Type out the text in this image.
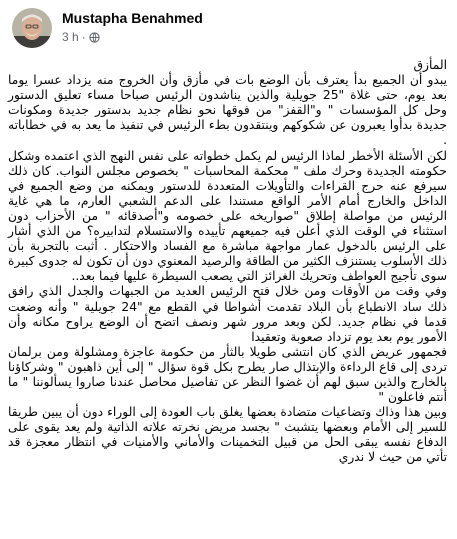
Mustapha Benahmed
3 h ·

المأزق

يبدو أن الجميع بدأ يعترف بأن الوضع بات في مأزق وأن الخروج منه يزداد عسرا يوما بعد يوم، حتى غلاة "25 جويلية والذين يناشدون الرئيس صباحا مساء تعليق الدستور وحل كل المؤسسات " و"القفز" من فوقها نحو نظام جديد بدستور جديدة ومكونات جديدة بدأوا يعبرون عن شكوكهم وينتقدون بطء الرئيس في تنفيذ ما يعد به في خطاباته .

لكن الأسئلة الأخطر لماذا الرئيس لم يكمل خطواته على نفس النهج الذي اعتمده وشكل حكومته الجديدة وحرك ملف " محكمة المحاسبات " بخصوص مجلس النواب. كان ذلك سيرفع عنه حرج القراءات والتأويلات المتعددة للدستور ويمكنه من وضع الجميع في الداخل والخارج أمام الأمر الواقع مستندا على الدعم الشعبي العارم، ما هي غاية الرئيس من مواصلة إطلاق "صواريخه على خصومه و"أصدقائه " من الأحزاب دون استثناء في الوقت الذي أعلن فيه جميعهم تأييده والاستسلام لتدابيره؟ من الذي أشار على الرئيس بالدخول عمار مواجهة مباشرة مع الفساد والاحتكار . أثبت بالتجربة بأن ذلك الأسلوب يستنزف الكثير من الطاقة والرصيد المعنوي دون أن تكون له جدوى كبيرة سوى تأجيج العواطف وتحريك الغرائز التي يصعب السيطرة عليها فيما بعد..

وفي وقت من الأوقات ومن خلال فتح الرئيس العديد من الجبهات والجدل الذي رافق ذلك ساد الانطباع بأن البلاد تقدمت أشواطا في القطع مع "24 جويلية " وأنه وضعت قدما في نظام جديد. لكن وبعد مرور شهر ونصف اتضح أن الوضع يراوح مكانه وأن الأمور يوم بعد يوم تزداد صعوبة وتعقيدا

فجمهور عريض الذي كان انتشى طويلا بالثأر من حكومة عاجزة ومشلولة ومن برلمان تردى إلى قاع الرداءة والإبتذال صار يطرح بكل قوة سؤال " إلى أين ذاهبون " وشركاؤنا بالخارج والذين سبق لهم أن غضوا النظر عن تفاصيل محاصل عندنا صاروا يسألوننا " ما أنتم فاعلون "

وبين هذا وذاك وتضاعيات متضادة بعضها يغلق باب العودة إلى الوراء دون أن يبين طريقا للسير إلى الأمام وبعضها يتشبث " بجسد مريض نخرته علاته الذاتية ولم يعد يقوى على الدفاع نفسه يبقى الحل من قبيل التخمينات والأماني والأمنيات في انتظار معجزة قد تأتي من حيث لا ندري
